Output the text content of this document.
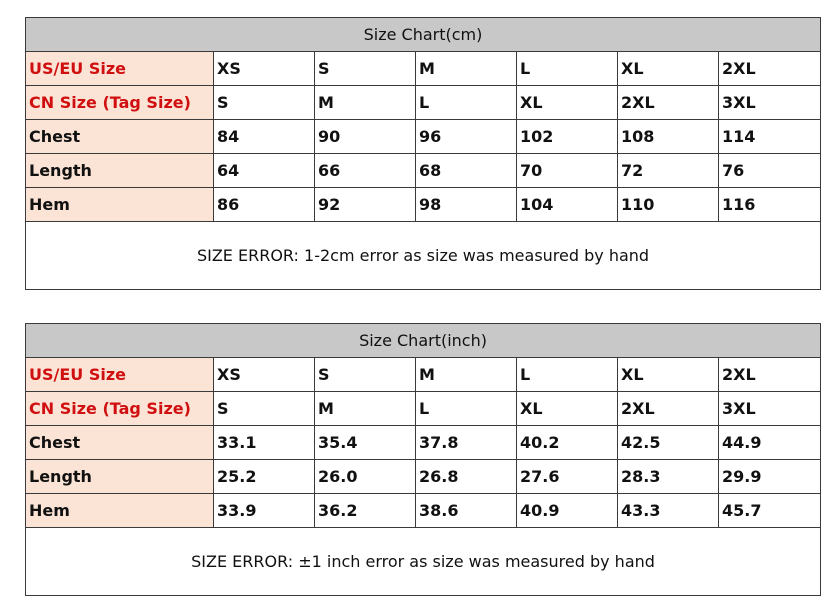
Size Chart(cm)						
US/EU Size	XS	S	M	L	XL	2XL
CN Size (Tag Size)	S	M	L	XL	2XL	3XL
Chest	84	90	96	102	108	114
Length	64	66	68	70	72	76
Hem	86	92	98	104	110	116
SIZE ERROR: 1-2cm error as size was measured by hand						
Size Chart(inch)						
US/EU Size	XS	S	M	L	XL	2XL
CN Size (Tag Size)	S	M	L	XL	2XL	3XL
Chest	33.1	35.4	37.8	40.2	42.5	44.9
Length	25.2	26.0	26.8	27.6	28.3	29.9
Hem	33.9	36.2	38.6	40.9	43.3	45.7
SIZE ERROR: ±1 inch error as size was measured by hand						
